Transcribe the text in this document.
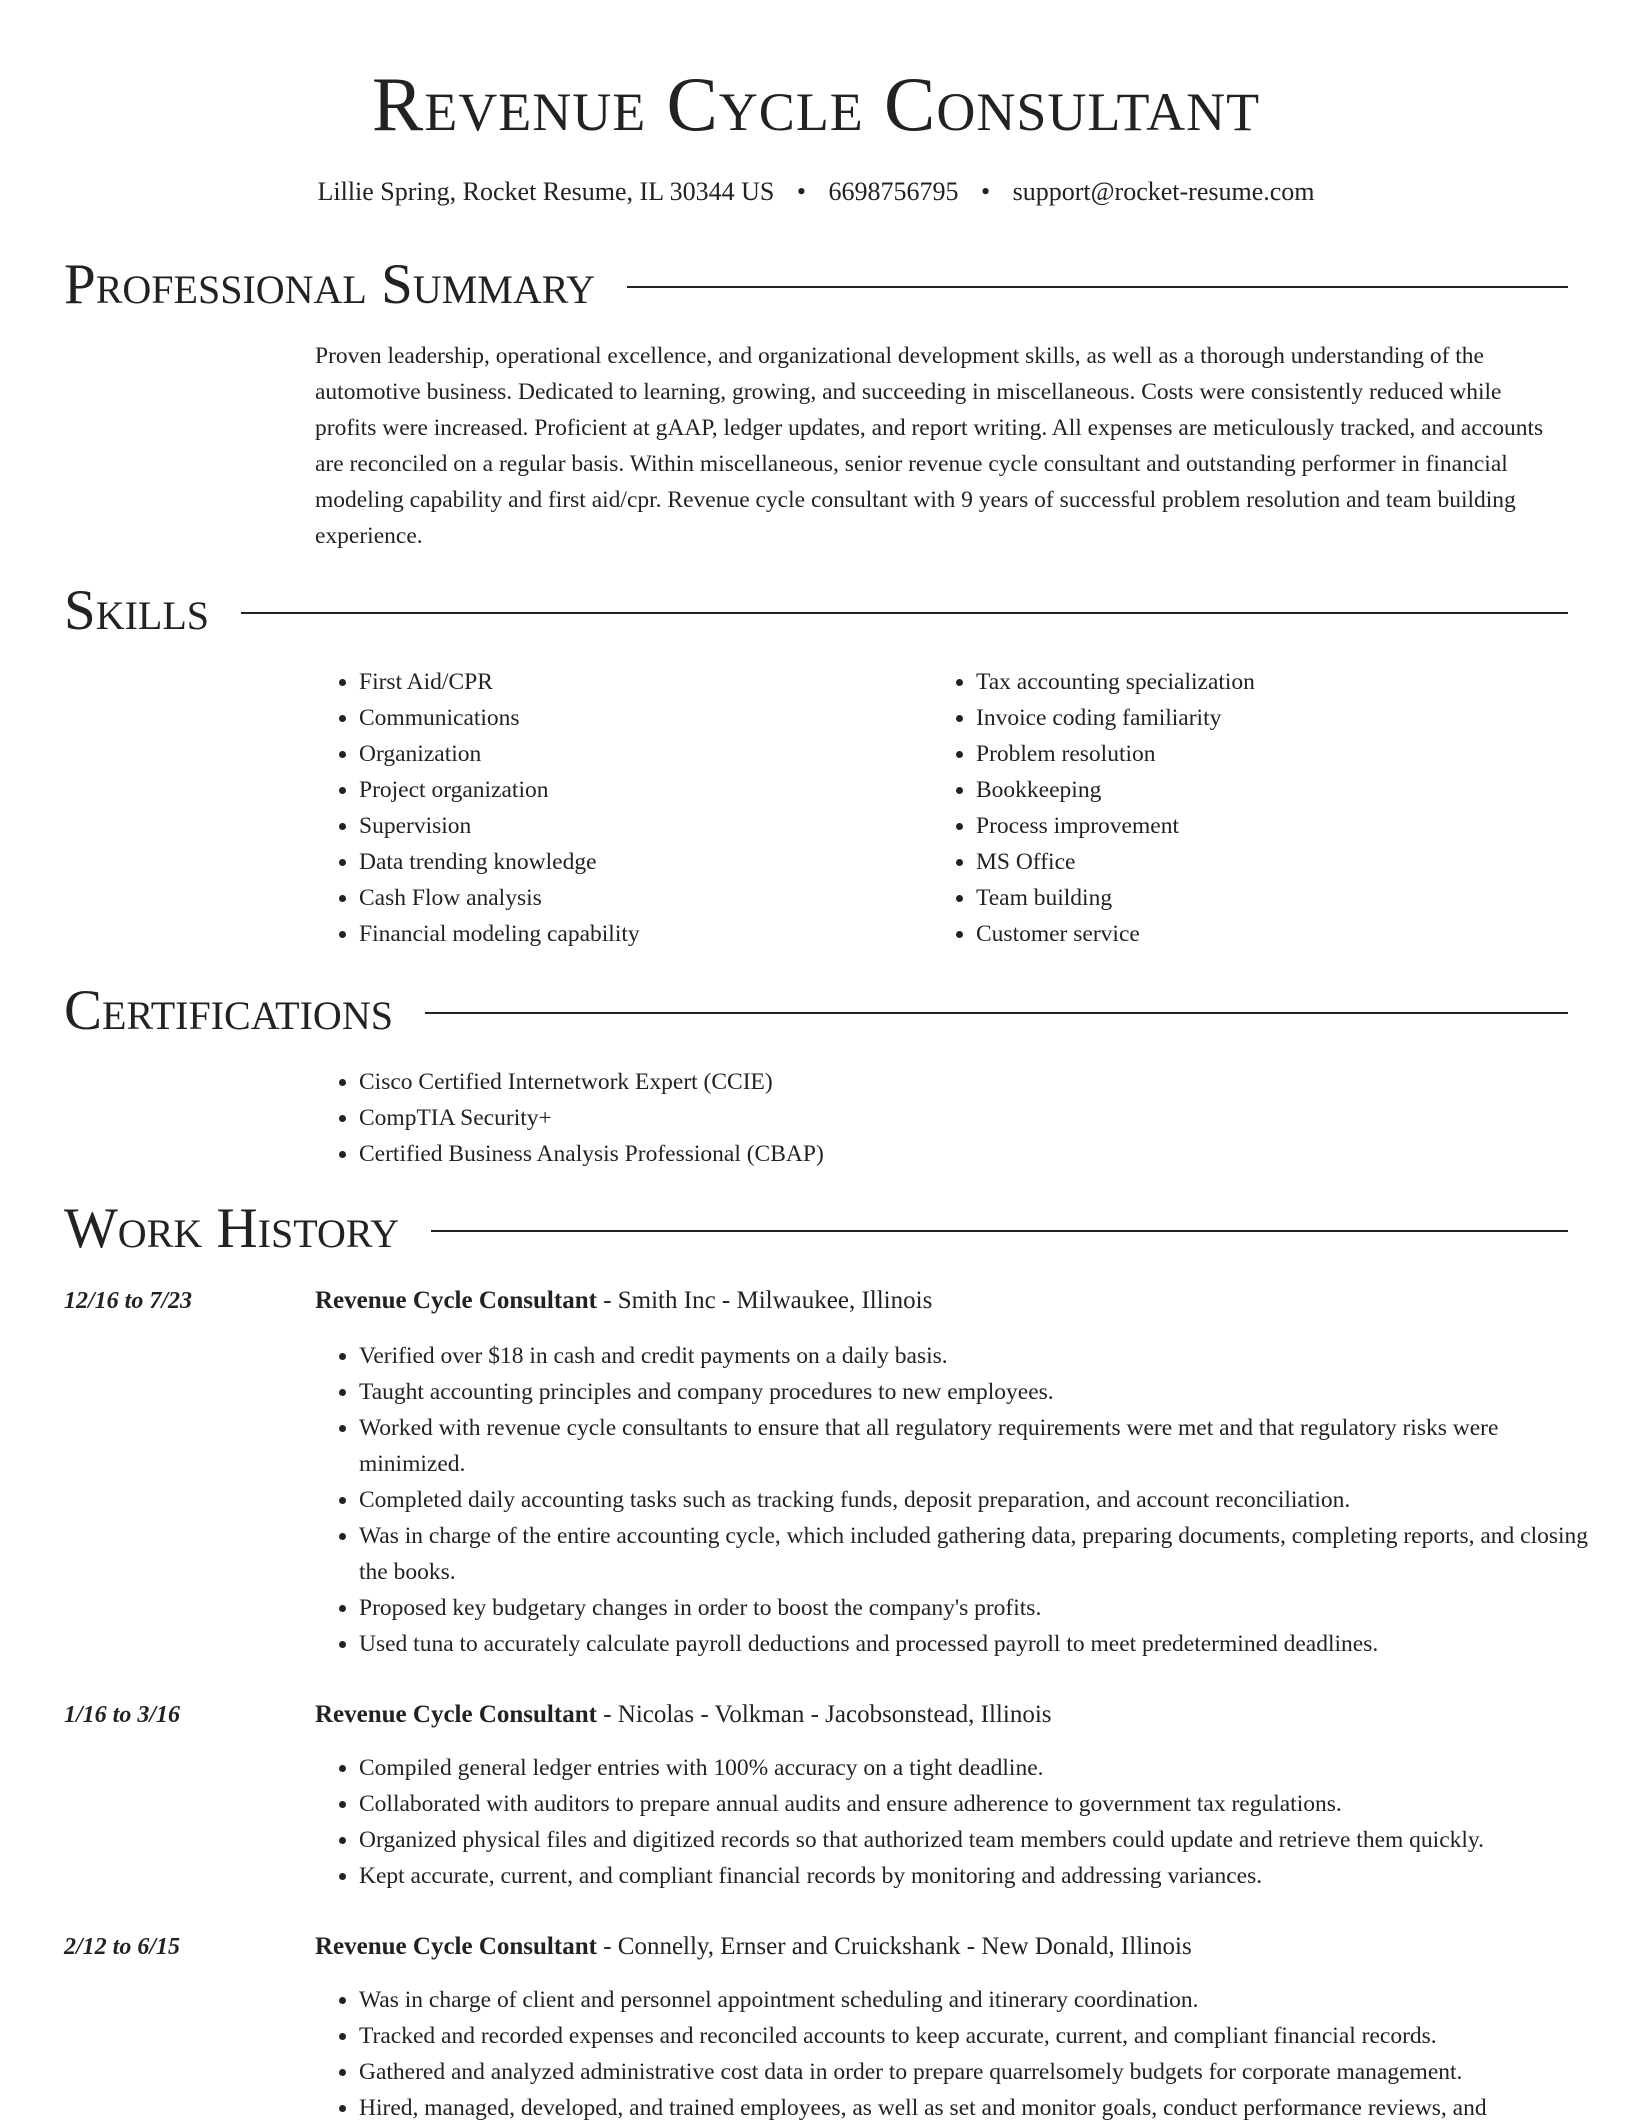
Revenue Cycle Consultant
Lillie Spring, Rocket Resume, IL 30344 US • 6698756795 • support@rocket-resume.com
Professional Summary

Proven leadership, operational excellence, and organizational development skills, as well as a thorough understanding of the automotive business. Dedicated to learning, growing, and succeeding in miscellaneous. Costs were consistently reduced while profits were increased. Proficient at gAAP, ledger updates, and report writing. All expenses are meticulously tracked, and accounts are reconciled on a regular basis. Within miscellaneous, senior revenue cycle consultant and outstanding performer in financial modeling capability and first aid/cpr. Revenue cycle consultant with 9 years of successful problem resolution and team building experience.

Skills
• First Aid/CPR
• Communications
• Organization
• Project organization
• Supervision
• Data trending knowledge
• Cash Flow analysis
• Financial modeling capability
• Tax accounting specialization
• Invoice coding familiarity
• Problem resolution
• Bookkeeping
• Process improvement
• MS Office
• Team building
• Customer service
Certifications
• Cisco Certified Internetwork Expert (CCIE)
• CompTIA Security+
• Certified Business Analysis Professional (CBAP)
Work History
12/16 to 7/23	Revenue Cycle Consultant - Smith Inc - Milwaukee, Illinois
• Verified over $18 in cash and credit payments on a daily basis.
• Taught accounting principles and company procedures to new employees.
• Worked with revenue cycle consultants to ensure that all regulatory requirements were met and that regulatory risks were minimized.
• Completed daily accounting tasks such as tracking funds, deposit preparation, and account reconciliation.
• Was in charge of the entire accounting cycle, which included gathering data, preparing documents, completing reports, and closing the books.
• Proposed key budgetary changes in order to boost the company's profits.
• Used tuna to accurately calculate payroll deductions and processed payroll to meet predetermined deadlines.
1/16 to 3/16	Revenue Cycle Consultant - Nicolas - Volkman - Jacobsonstead, Illinois
• Compiled general ledger entries with 100% accuracy on a tight deadline.
• Collaborated with auditors to prepare annual audits and ensure adherence to government tax regulations.
• Organized physical files and digitized records so that authorized team members could update and retrieve them quickly.
• Kept accurate, current, and compliant financial records by monitoring and addressing variances.
2/12 to 6/15	Revenue Cycle Consultant - Connelly, Ernser and Cruickshank - New Donald, Illinois
• Was in charge of client and personnel appointment scheduling and itinerary coordination.
• Tracked and recorded expenses and reconciled accounts to keep accurate, current, and compliant financial records.
• Gathered and analyzed administrative cost data in order to prepare quarrelsomely budgets for corporate management.
• Hired, managed, developed, and trained employees, as well as set and monitor goals, conduct performance reviews, and
